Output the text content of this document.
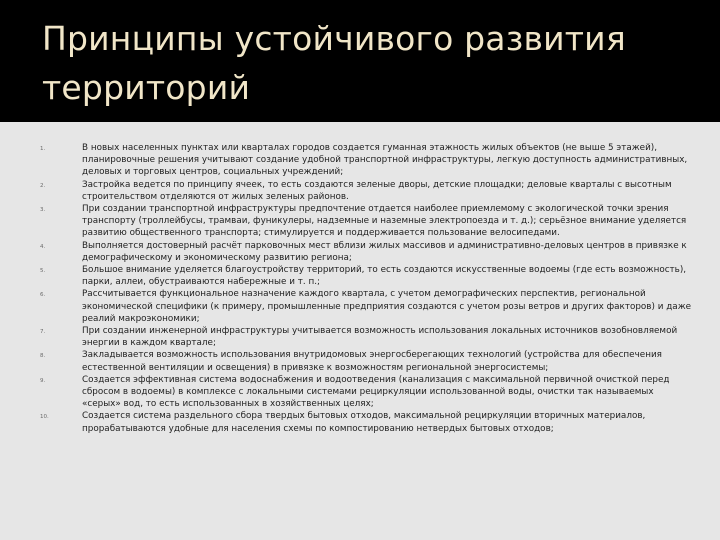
Принципы устойчивого развития
территорий
1.	В новых населенных пунктах или кварталах городов создается гуманная этажность жилых объектов (не выше 5 этажей), планировочные решения учитывают создание удобной транспортной инфраструктуры, легкую доступность административных, деловых и торговых центров, социальных учреждений;
2.	Застройка ведется по принципу ячеек, то есть создаются зеленые дворы, детские площадки; деловые кварталы с высотным строительством отделяются от жилых зеленых районов.
3.	При создании транспортной инфраструктуры предпочтение отдается наиболее приемлемому с экологической точки зрения транспорту (троллейбусы, трамваи, фуникулеры, надземные и наземные электропоезда и т. д.); серьёзное внимание уделяется развитию общественного транспорта; стимулируется и поддерживается пользование велосипедами.
4.	Выполняется достоверный расчёт парковочных мест вблизи жилых массивов и административно-деловых центров в привязке к демографическому и экономическому развитию региона;
5.	Большое внимание уделяется благоустройству территорий, то есть создаются искусственные водоемы (где есть возможность), парки, аллеи, обустраиваются набережные и т. п.;
6.	Рассчитывается функциональное назначение каждого квартала, с учетом демографических перспектив, региональной экономической специфики (к примеру, промышленные предприятия создаются с учетом розы ветров и других факторов) и даже реалий макроэкономики;
7.	При создании инженерной инфраструктуры учитывается возможность использования локальных источников возобновляемой энергии в каждом квартале;
8.	Закладывается возможность использования внутридомовых энергосберегающих технологий (устройства для обеспечения естественной вентиляции и освещения) в привязке к возможностям региональной энергосистемы;
9.	Создается эффективная система водоснабжения и водоотведения (канализация с максимальной первичной очисткой перед сбросом в водоемы) в комплексе с локальными системами рециркуляции использованной воды, очистки так называемых «серых» вод, то есть использованных в хозяйственных целях;
10.	Создается система раздельного сбора твердых бытовых отходов, максимальной рециркуляции вторичных материалов, прорабатываются удобные для населения схемы по компостированию нетвердых бытовых отходов;
